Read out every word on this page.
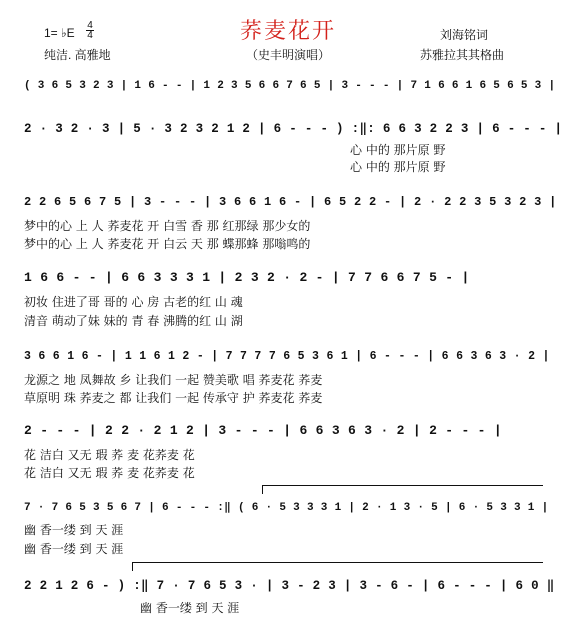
荞麦花开
1= ♭E
4
4
纯洁. 高雅地	（史丰明演唱）
刘海铭词
苏雅拉其其格曲
( 3 6 5 3 2 3 | 1 6 - - | 1 2 3 5 6 6 7 6 5 | 3 - - - | 7 1 6 6 1 6 5 6 5 3 |
2 · 3 2 · 3 | 5 · 3 2 3 2 1 2 | 6 - - - ) :‖: 6 6 3 2 2 3 | 6 - - - |
心 中的 那片原 野
心 中的 那片原 野
2 2 6 5 6 7 5 | 3 - - - | 3 6 6 1 6 - | 6 5 2 2 - | 2 · 2 2 3 5 3 2 3 |
梦中的心 上 人 荞麦花 开 白雪 香 那 红那绿 那少女的
梦中的心 上 人 荞麦花 开 白云 天 那 蝶那蜂 那嗡鸣的
1 6 6 - - | 6 6 3 3 3 1 | 2 3 2 · 2 - | 7 7 6 6 7 5 - |
初妆 住进了哥 哥的 心 房 古老的红 山 魂
清音 萌动了妹 妹的 青 春 沸腾的红 山 湖
3 6 6 1 6 - | 1 1 6 1 2 - | 7 7 7 7 6 5 3 6 1 | 6 - - - | 6 6 3 6 3 · 2 |
龙源之 地 凤舞故 乡 让我们 一起 赞美歌 唱 荞麦花 荞麦
草原明 珠 荞麦之 都 让我们 一起 传承守 护 荞麦花 荞麦
2 - - - | 2 2 · 2 1 2 | 3 - - - | 6 6 3 6 3 · 2 | 2 - - - |
花 洁白 又无 瑕 荞 麦 花荞麦 花
花 洁白 又无 瑕 荞 麦 花荞麦 花
7 · 7 6 5 3 5 6 7 | 6 - - - :‖ ( 6 · 5 3 3 3 1 | 2 · 1 3 · 5 | 6 · 5 3 3 1 |
幽 香一缕 到 天 涯
幽 香一缕 到 天 涯
2 2 1 2 6 - ) :‖ 7 · 7 6 5 3 · | 3 - 2 3 | 3 - 6 - | 6 - - - | 6 0 ‖
幽 香一缕 到 天 涯
